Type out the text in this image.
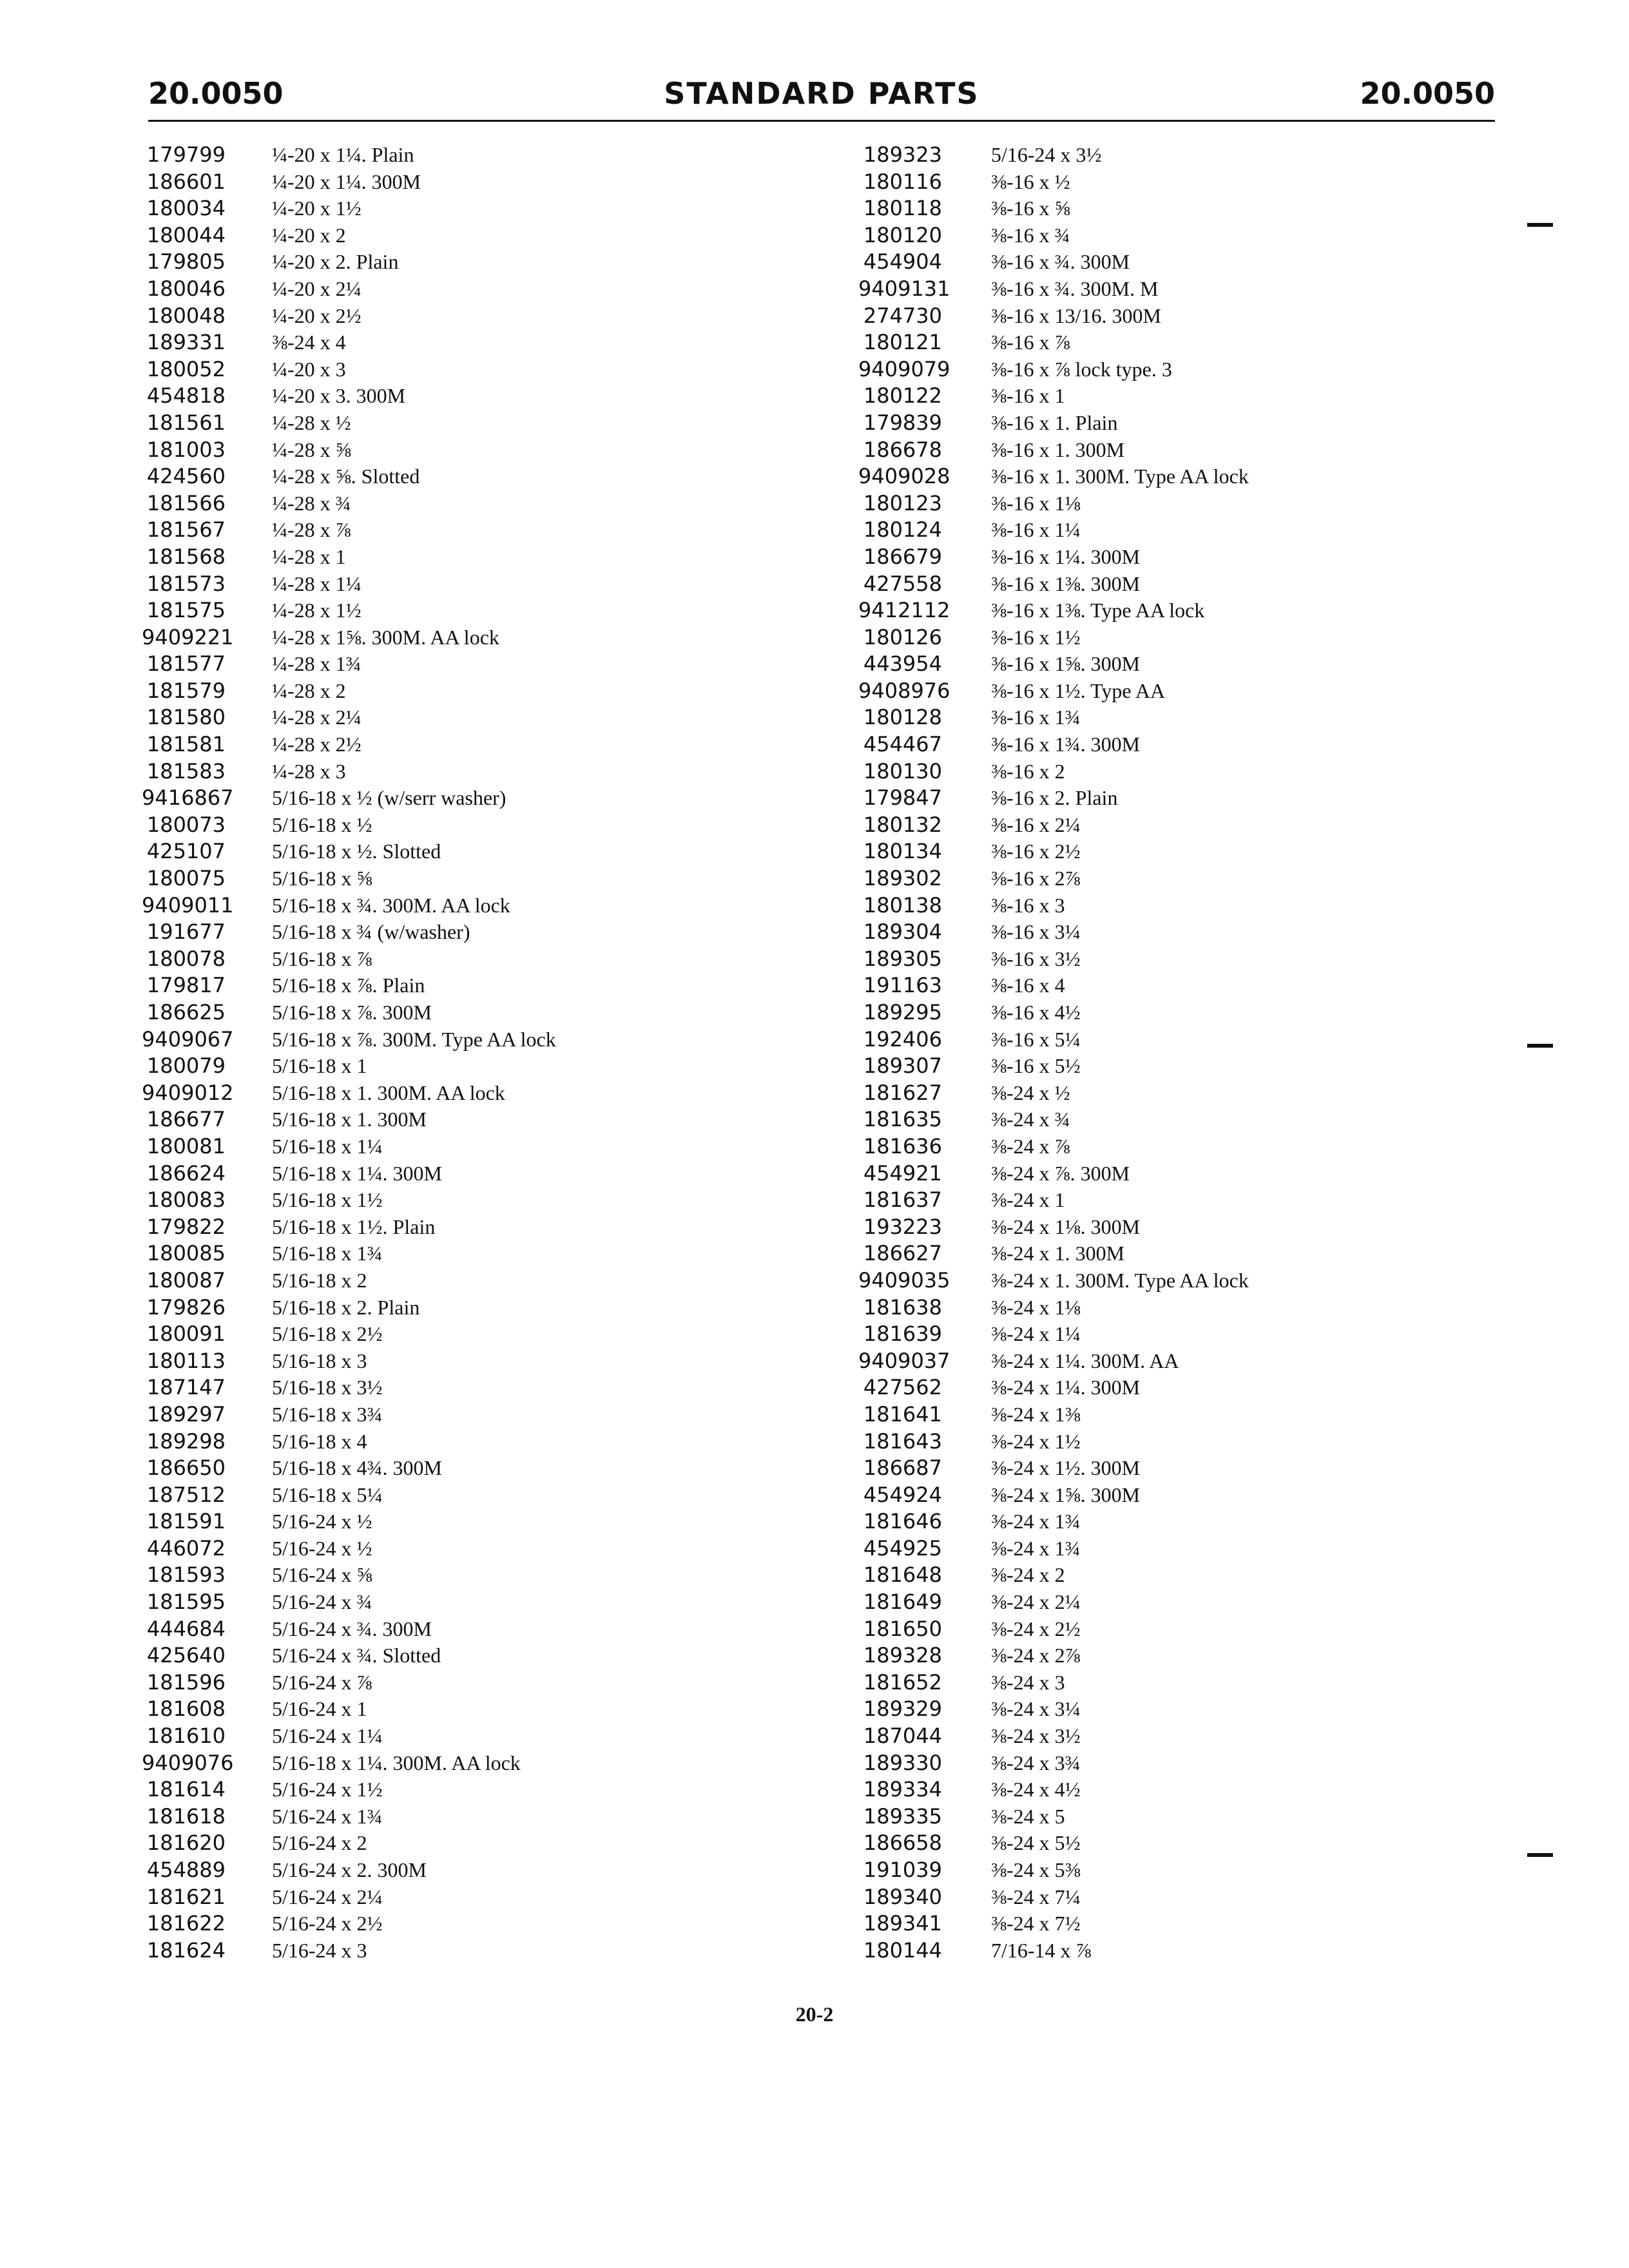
20.0050	STANDARD PARTS	20.0050
179799 ¼-20 x 1¼. Plain
186601 ¼-20 x 1¼. 300M
180034 ¼-20 x 1½
180044 ¼-20 x 2
179805 ¼-20 x 2. Plain
180046 ¼-20 x 2¼
180048 ¼-20 x 2½
189331 ⅜-24 x 4
180052 ¼-20 x 3
454818 ¼-20 x 3. 300M
181561 ¼-28 x ½
181003 ¼-28 x ⅝
424560 ¼-28 x ⅝. Slotted
181566 ¼-28 x ¾
181567 ¼-28 x ⅞
181568 ¼-28 x 1
181573 ¼-28 x 1¼
181575 ¼-28 x 1½
9409221 ¼-28 x 1⅝. 300M. AA lock
181577 ¼-28 x 1¾
181579 ¼-28 x 2
181580 ¼-28 x 2¼
181581 ¼-28 x 2½
181583 ¼-28 x 3
9416867 5/16-18 x ½ (w/serr washer)
180073 5/16-18 x ½
425107 5/16-18 x ½. Slotted
180075 5/16-18 x ⅝
9409011 5/16-18 x ¾. 300M. AA lock
191677 5/16-18 x ¾ (w/washer)
180078 5/16-18 x ⅞
179817 5/16-18 x ⅞. Plain
186625 5/16-18 x ⅞. 300M
9409067 5/16-18 x ⅞. 300M. Type AA lock
180079 5/16-18 x 1
9409012 5/16-18 x 1. 300M. AA lock
186677 5/16-18 x 1. 300M
180081 5/16-18 x 1¼
186624 5/16-18 x 1¼. 300M
180083 5/16-18 x 1½
179822 5/16-18 x 1½. Plain
180085 5/16-18 x 1¾
180087 5/16-18 x 2
179826 5/16-18 x 2. Plain
180091 5/16-18 x 2½
180113 5/16-18 x 3
187147 5/16-18 x 3½
189297 5/16-18 x 3¾
189298 5/16-18 x 4
186650 5/16-18 x 4¾. 300M
187512 5/16-18 x 5¼
181591 5/16-24 x ½
446072 5/16-24 x ½
181593 5/16-24 x ⅝
181595 5/16-24 x ¾
444684 5/16-24 x ¾. 300M
425640 5/16-24 x ¾. Slotted
181596 5/16-24 x ⅞
181608 5/16-24 x 1
181610 5/16-24 x 1¼
9409076 5/16-18 x 1¼. 300M. AA lock
181614 5/16-24 x 1½
181618 5/16-24 x 1¾
181620 5/16-24 x 2
454889 5/16-24 x 2. 300M
181621 5/16-24 x 2¼
181622 5/16-24 x 2½
181624 5/16-24 x 3
189323 5/16-24 x 3½
180116 ⅜-16 x ½
180118 ⅜-16 x ⅝
180120 ⅜-16 x ¾
454904 ⅜-16 x ¾. 300M
9409131 ⅜-16 x ¾. 300M. M
274730 ⅜-16 x 13/16. 300M
180121 ⅜-16 x ⅞
9409079 ⅜-16 x ⅞ lock type. 3
180122 ⅜-16 x 1
179839 ⅜-16 x 1. Plain
186678 ⅜-16 x 1. 300M
9409028 ⅜-16 x 1. 300M. Type AA lock
180123 ⅜-16 x 1⅛
180124 ⅜-16 x 1¼
186679 ⅜-16 x 1¼. 300M
427558 ⅜-16 x 1⅜. 300M
9412112 ⅜-16 x 1⅜. Type AA lock
180126 ⅜-16 x 1½
443954 ⅜-16 x 1⅝. 300M
9408976 ⅜-16 x 1½. Type AA
180128 ⅜-16 x 1¾
454467 ⅜-16 x 1¾. 300M
180130 ⅜-16 x 2
179847 ⅜-16 x 2. Plain
180132 ⅜-16 x 2¼
180134 ⅜-16 x 2½
189302 ⅜-16 x 2⅞
180138 ⅜-16 x 3
189304 ⅜-16 x 3¼
189305 ⅜-16 x 3½
191163 ⅜-16 x 4
189295 ⅜-16 x 4½
192406 ⅜-16 x 5¼
189307 ⅜-16 x 5½
181627 ⅜-24 x ½
181635 ⅜-24 x ¾
181636 ⅜-24 x ⅞
454921 ⅜-24 x ⅞. 300M
181637 ⅜-24 x 1
193223 ⅜-24 x 1⅛. 300M
186627 ⅜-24 x 1. 300M
9409035 ⅜-24 x 1. 300M. Type AA lock
181638 ⅜-24 x 1⅛
181639 ⅜-24 x 1¼
9409037 ⅜-24 x 1¼. 300M. AA
427562 ⅜-24 x 1¼. 300M
181641 ⅜-24 x 1⅜
181643 ⅜-24 x 1½
186687 ⅜-24 x 1½. 300M
454924 ⅜-24 x 1⅝. 300M
181646 ⅜-24 x 1¾
454925 ⅜-24 x 1¾
181648 ⅜-24 x 2
181649 ⅜-24 x 2¼
181650 ⅜-24 x 2½
189328 ⅜-24 x 2⅞
181652 ⅜-24 x 3
189329 ⅜-24 x 3¼
187044 ⅜-24 x 3½
189330 ⅜-24 x 3¾
189334 ⅜-24 x 4½
189335 ⅜-24 x 5
186658 ⅜-24 x 5½
191039 ⅜-24 x 5⅜
189340 ⅜-24 x 7¼
189341 ⅜-24 x 7½
180144 7/16-14 x ⅞
20-2
